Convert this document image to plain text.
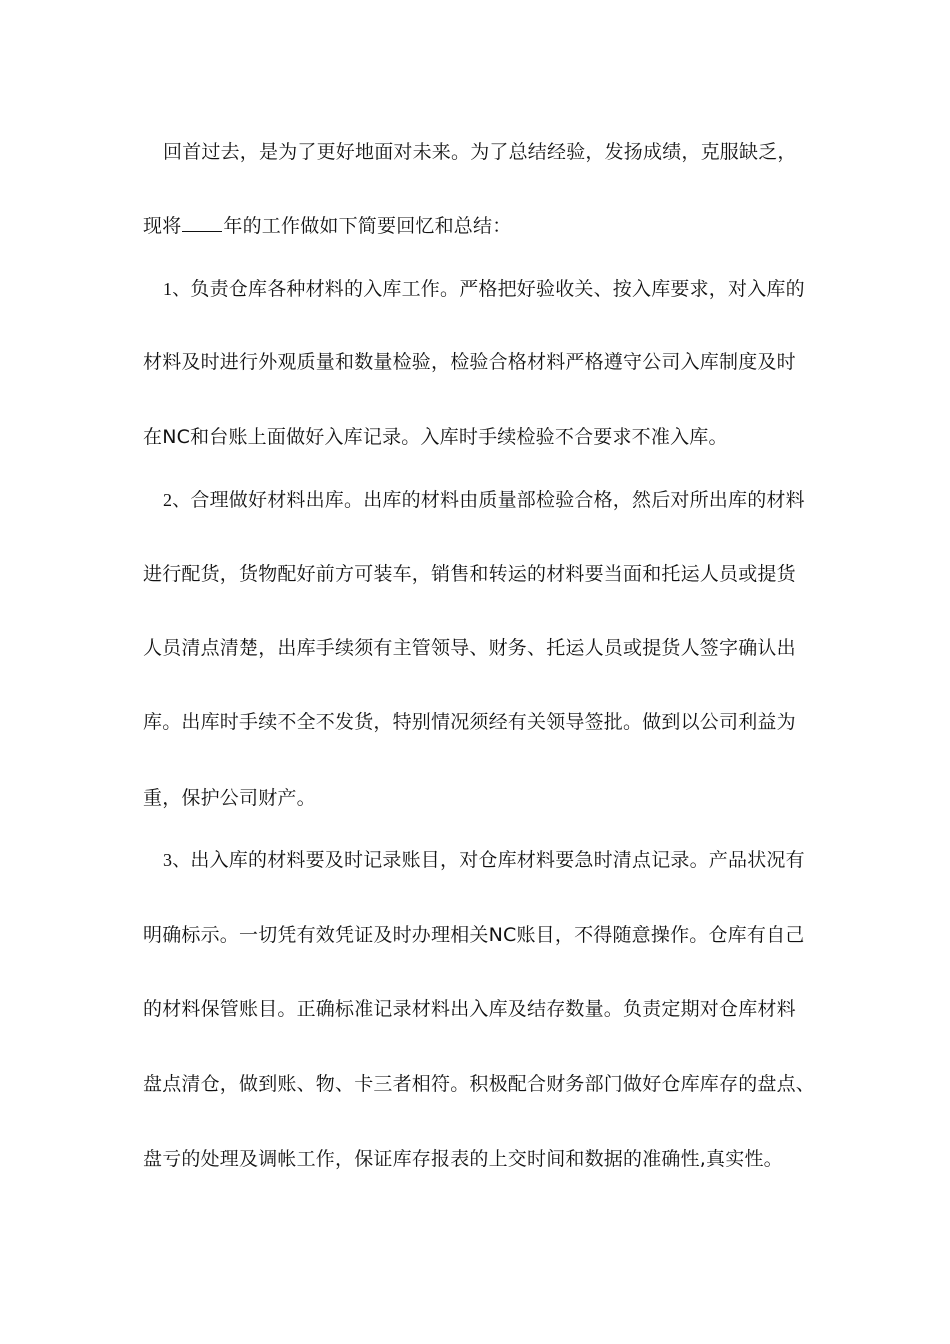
回首过去，是为了更好地面对未来。为了总结经验，发扬成绩，克服缺乏，
现将 年的工作做如下简要回忆和总结：
1、负责仓库各种材料的入库工作。严格把好验收关、按入库要求，对入库的
材料及时进行外观质量和数量检验，检验合格材料严格遵守公司入库制度及时
在NC和台账上面做好入库记录。入库时手续检验不合要求不准入库。
2、合理做好材料出库。出库的材料由质量部检验合格，然后对所出库的材料
进行配货，货物配好前方可装车，销售和转运的材料要当面和托运人员或提货
人员清点清楚，出库手续须有主管领导、财务、托运人员或提货人签字确认出
库。出库时手续不全不发货，特别情况须经有关领导签批。做到以公司利益为
重，保护公司财产。
3、出入库的材料要及时记录账目，对仓库材料要急时清点记录。产品状况有
明确标示。一切凭有效凭证及时办理相关NC账目，不得随意操作。仓库有自己
的材料保管账目。正确标准记录材料出入库及结存数量。负责定期对仓库材料
盘点清仓，做到账、物、卡三者相符。积极配合财务部门做好仓库库存的盘点、
盘亏的处理及调帐工作，保证库存报表的上交时间和数据的准确性,真实性。
